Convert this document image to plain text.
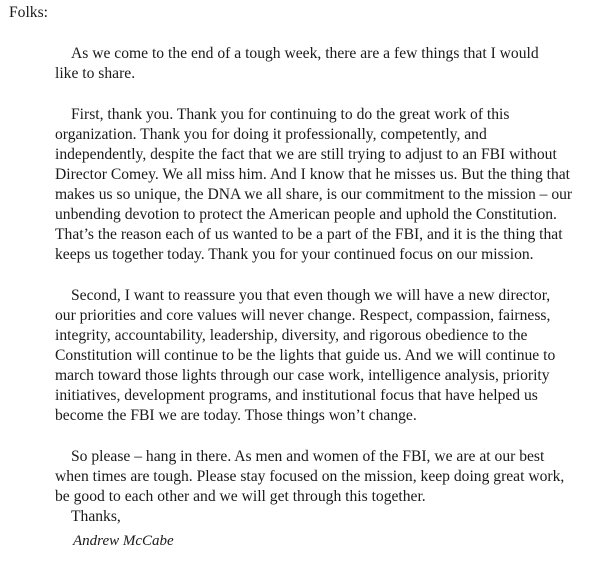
Folks:
As we come to the end of a tough week, there are a few things that I would
like to share.
First, thank you. Thank you for continuing to do the great work of this
organization. Thank you for doing it professionally, competently, and
independently, despite the fact that we are still trying to adjust to an FBI without
Director Comey. We all miss him. And I know that he misses us. But the thing that
makes us so unique, the DNA we all share, is our commitment to the mission – our
unbending devotion to protect the American people and uphold the Constitution.
That’s the reason each of us wanted to be a part of the FBI, and it is the thing that
keeps us together today. Thank you for your continued focus on our mission.
Second, I want to reassure you that even though we will have a new director,
our priorities and core values will never change. Respect, compassion, fairness,
integrity, accountability, leadership, diversity, and rigorous obedience to the
Constitution will continue to be the lights that guide us. And we will continue to
march toward those lights through our case work, intelligence analysis, priority
initiatives, development programs, and institutional focus that have helped us
become the FBI we are today. Those things won’t change.
So please – hang in there. As men and women of the FBI, we are at our best
when times are tough. Please stay focused on the mission, keep doing great work,
be good to each other and we will get through this together.
Thanks,
Andrew McCabe
